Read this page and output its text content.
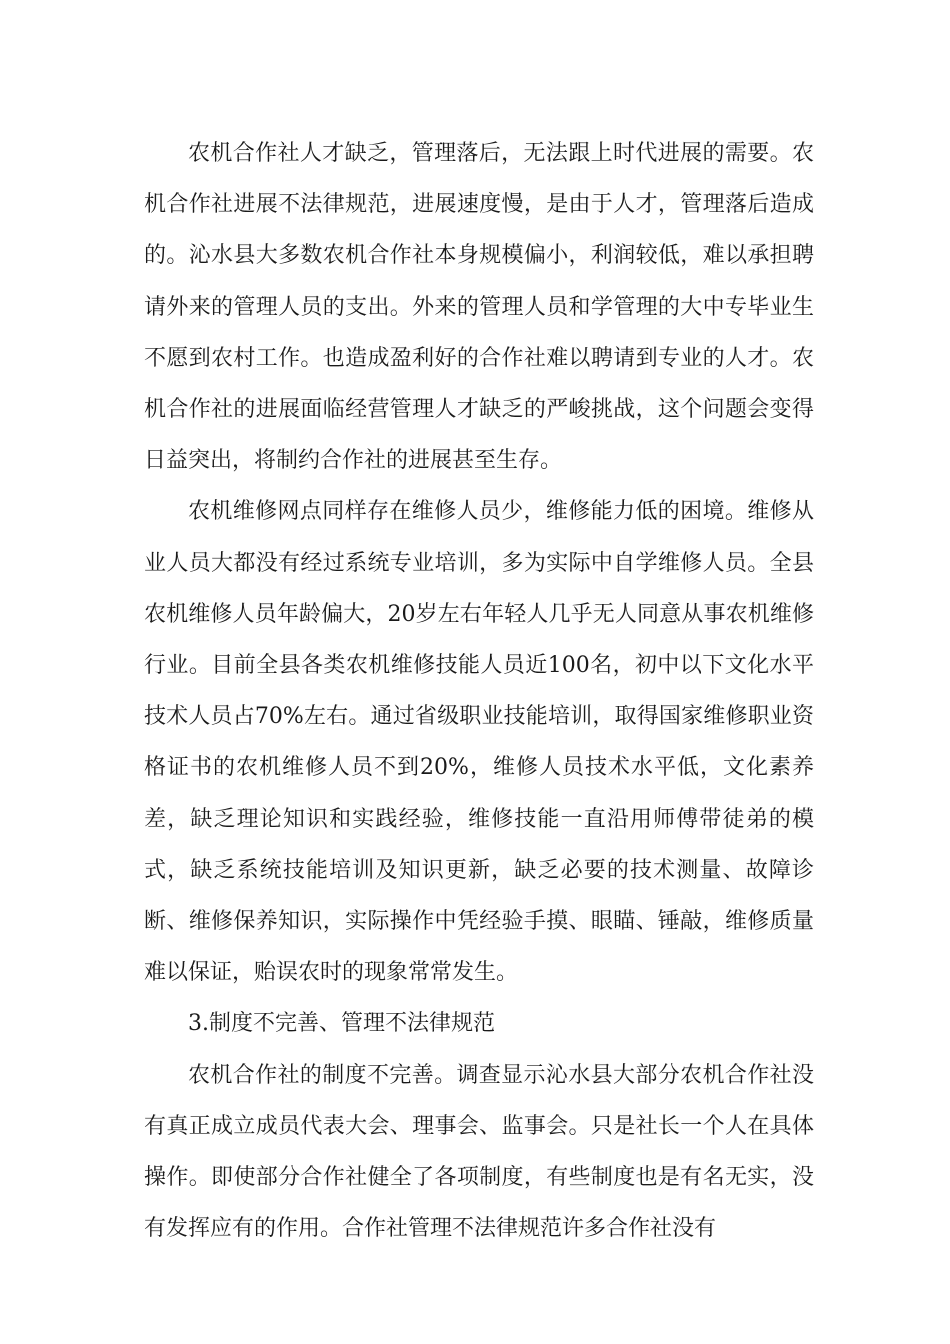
农机合作社人才缺乏，管理落后，无法跟上时代进展的需要。农机合作社进展不法律规范，进展速度慢，是由于人才，管理落后造成的。沁水县大多数农机合作社本身规模偏小，利润较低，难以承担聘请外来的管理人员的支出。外来的管理人员和学管理的大中专毕业生不愿到农村工作。也造成盈利好的合作社难以聘请到专业的人才。农机合作社的进展面临经营管理人才缺乏的严峻挑战，这个问题会变得日益突出，将制约合作社的进展甚至生存。

农机维修网点同样存在维修人员少，维修能力低的困境。维修从业人员大都没有经过系统专业培训，多为实际中自学维修人员。全县农机维修人员年龄偏大，20岁左右年轻人几乎无人同意从事农机维修行业。目前全县各类农机维修技能人员近100名，初中以下文化水平技术人员占70%左右。通过省级职业技能培训，取得国家维修职业资格证书的农机维修人员不到20%，维修人员技术水平低，文化素养差，缺乏理论知识和实践经验，维修技能一直沿用师傅带徒弟的模式，缺乏系统技能培训及知识更新，缺乏必要的技术测量、故障诊断、维修保养知识，实际操作中凭经验手摸、眼瞄、锤敲，维修质量难以保证，贻误农时的现象常常发生。

3.制度不完善、管理不法律规范

农机合作社的制度不完善。调查显示沁水县大部分农机合作社没有真正成立成员代表大会、理事会、监事会。只是社长一个人在具体操作。即使部分合作社健全了各项制度，有些制度也是有名无实，没有发挥应有的作用。合作社管理不法律规范许多合作社没有
